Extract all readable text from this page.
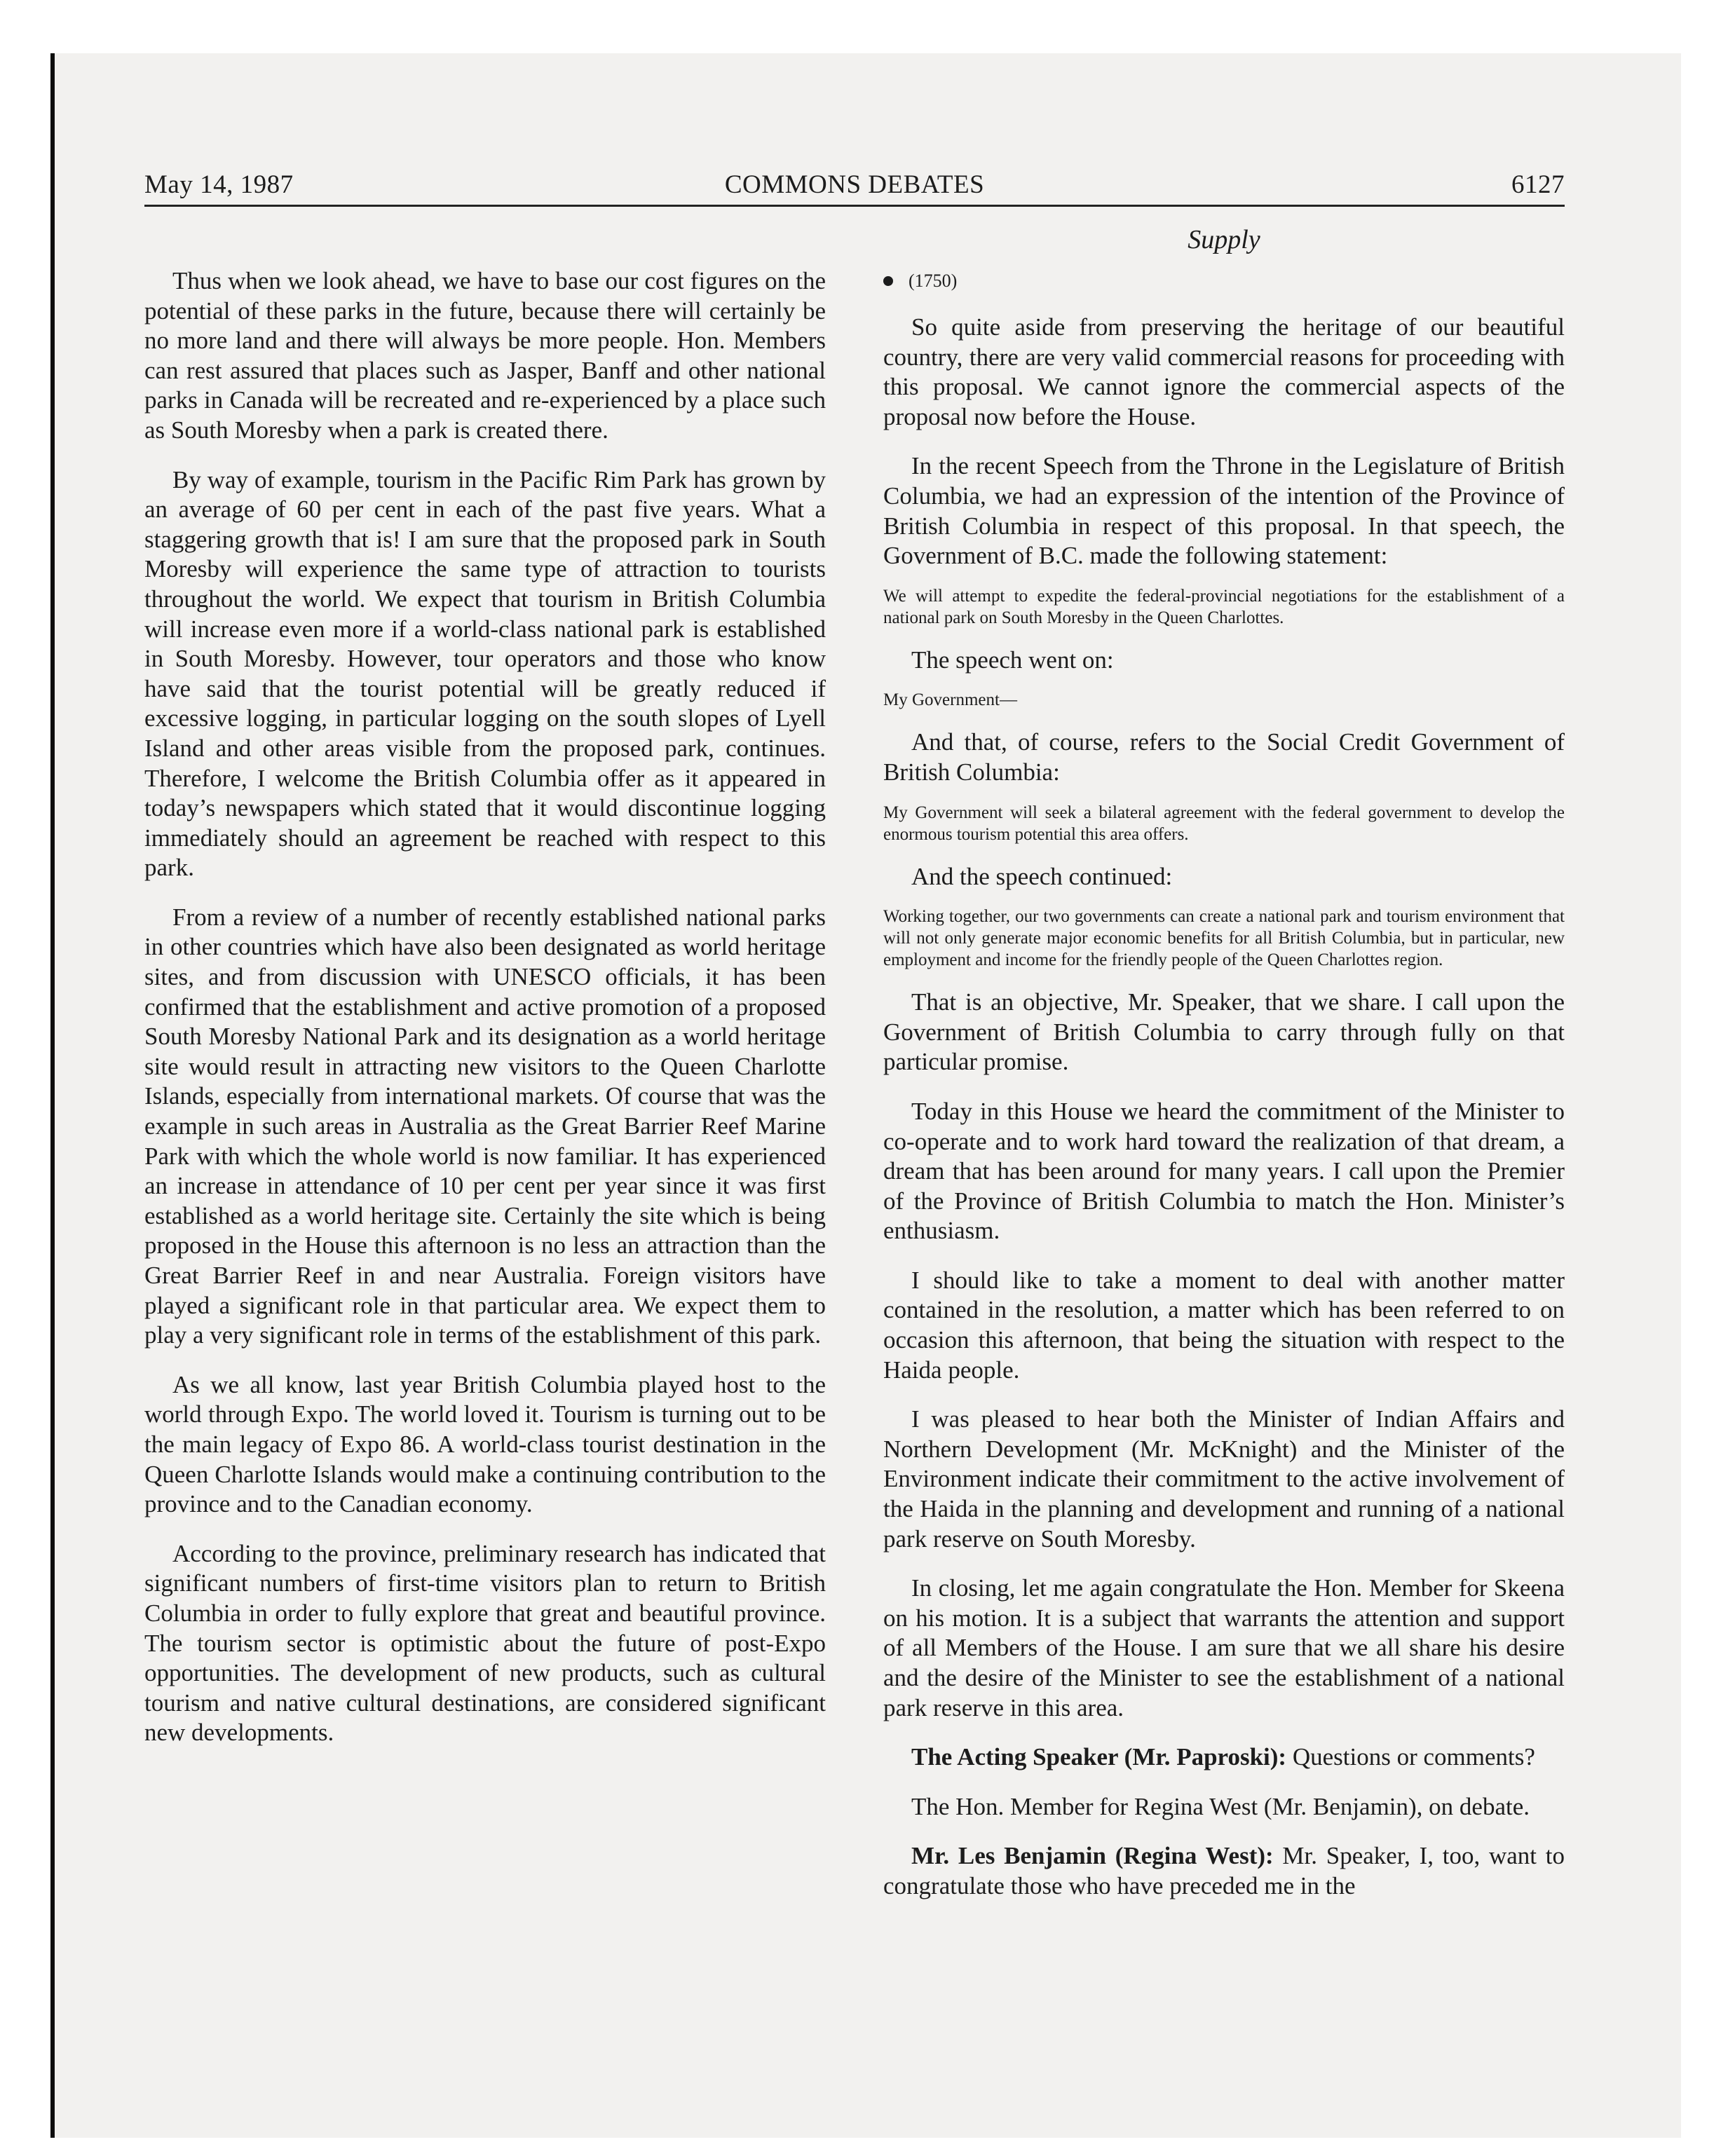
May 14, 1987	COMMONS DEBATES	6127
Supply

Thus when we look ahead, we have to base our cost figures on the potential of these parks in the future, because there will certainly be no more land and there will always be more people. Hon. Members can rest assured that places such as Jasper, Banff and other national parks in Canada will be recreated and re-experienced by a place such as South Moresby when a park is created there.

By way of example, tourism in the Pacific Rim Park has grown by an average of 60 per cent in each of the past five years. What a staggering growth that is! I am sure that the proposed park in South Moresby will experience the same type of attraction to tourists throughout the world. We expect that tourism in British Columbia will increase even more if a world-class national park is established in South Moresby. However, tour operators and those who know have said that the tourist potential will be greatly reduced if excessive logging, in particular logging on the south slopes of Lyell Island and other areas visible from the proposed park, continues. Therefore, I welcome the British Columbia offer as it appeared in today’s newspapers which stated that it would discontinue logging immediately should an agreement be reached with respect to this park.

From a review of a number of recently established national parks in other countries which have also been designated as world heritage sites, and from discussion with UNESCO officials, it has been confirmed that the establishment and active promotion of a proposed South Moresby National Park and its designation as a world heritage site would result in attracting new visitors to the Queen Charlotte Islands, especially from international markets. Of course that was the example in such areas in Australia as the Great Barrier Reef Marine Park with which the whole world is now familiar. It has experienced an increase in attendance of 10 per cent per year since it was first established as a world heritage site. Certainly the site which is being proposed in the House this afternoon is no less an attraction than the Great Barrier Reef in and near Australia. Foreign visitors have played a significant role in that particular area. We expect them to play a very significant role in terms of the establishment of this park.

As we all know, last year British Columbia played host to the world through Expo. The world loved it. Tourism is turning out to be the main legacy of Expo 86. A world-class tourist destination in the Queen Charlotte Islands would make a continuing contribution to the province and to the Canadian economy.

According to the province, preliminary research has indicated that significant numbers of first-time visitors plan to return to British Columbia in order to fully explore that great and beautiful province. The tourism sector is optimistic about the future of post-Expo opportunities. The development of new products, such as cultural tourism and native cultural destinations, are considered significant new developments.

(1750)

So quite aside from preserving the heritage of our beautiful country, there are very valid commercial reasons for proceeding with this proposal. We cannot ignore the commercial aspects of the proposal now before the House.

In the recent Speech from the Throne in the Legislature of British Columbia, we had an expression of the intention of the Province of British Columbia in respect of this proposal. In that speech, the Government of B.C. made the following statement:

We will attempt to expedite the federal-provincial negotiations for the establishment of a national park on South Moresby in the Queen Charlottes.

The speech went on:

My Government—

And that, of course, refers to the Social Credit Government of British Columbia:

My Government will seek a bilateral agreement with the federal government to develop the enormous tourism potential this area offers.

And the speech continued:

Working together, our two governments can create a national park and tourism environment that will not only generate major economic benefits for all British Columbia, but in particular, new employment and income for the friendly people of the Queen Charlottes region.

That is an objective, Mr. Speaker, that we share. I call upon the Government of British Columbia to carry through fully on that particular promise.

Today in this House we heard the commitment of the Minister to co-operate and to work hard toward the realization of that dream, a dream that has been around for many years. I call upon the Premier of the Province of British Columbia to match the Hon. Minister’s enthusiasm.

I should like to take a moment to deal with another matter contained in the resolution, a matter which has been referred to on occasion this afternoon, that being the situation with respect to the Haida people.

I was pleased to hear both the Minister of Indian Affairs and Northern Development (Mr. McKnight) and the Minister of the Environment indicate their commitment to the active involvement of the Haida in the planning and development and running of a national park reserve on South Moresby.

In closing, let me again congratulate the Hon. Member for Skeena on his motion. It is a subject that warrants the attention and support of all Members of the House. I am sure that we all share his desire and the desire of the Minister to see the establishment of a national park reserve in this area.

The Acting Speaker (Mr. Paproski): Questions or comments?

The Hon. Member for Regina West (Mr. Benjamin), on debate.

Mr. Les Benjamin (Regina West): Mr. Speaker, I, too, want to congratulate those who have preceded me in the
